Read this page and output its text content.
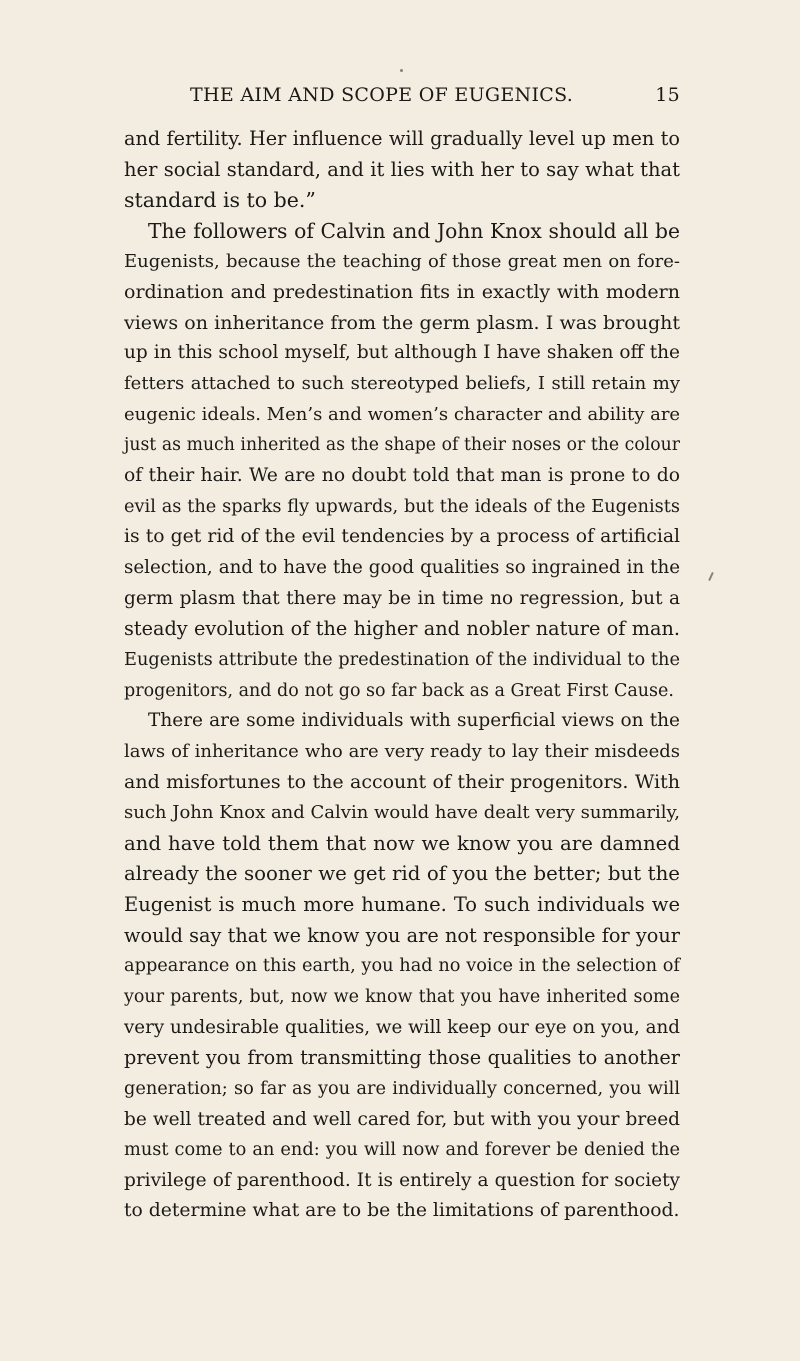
THE AIM AND SCOPE OF EUGENICS.	15
and fertility. Her influence will gradually level up men to
her social standard, and it lies with her to say what that
standard is to be.”
The followers of Calvin and John Knox should all be
Eugenists, because the teaching of those great men on fore-
ordination and predestination fits in exactly with modern
views on inheritance from the germ plasm. I was brought
up in this school myself, but although I have shaken off the
fetters attached to such stereotyped beliefs, I still retain my
eugenic ideals. Men’s and women’s character and ability are
just as much inherited as the shape of their noses or the colour
of their hair. We are no doubt told that man is prone to do
evil as the sparks fly upwards, but the ideals of the Eugenists
is to get rid of the evil tendencies by a process of artificial
selection, and to have the good qualities so ingrained in the
germ plasm that there may be in time no regression, but a
steady evolution of the higher and nobler nature of man.
Eugenists attribute the predestination of the individual to the
progenitors, and do not go so far back as a Great First Cause.
There are some individuals with superficial views on the
laws of inheritance who are very ready to lay their misdeeds
and misfortunes to the account of their progenitors. With
such John Knox and Calvin would have dealt very summarily,
and have told them that now we know you are damned
already the sooner we get rid of you the better; but the
Eugenist is much more humane. To such individuals we
would say that we know you are not responsible for your
appearance on this earth, you had no voice in the selection of
your parents, but, now we know that you have inherited some
very undesirable qualities, we will keep our eye on you, and
prevent you from transmitting those qualities to another
generation; so far as you are individually concerned, you will
be well treated and well cared for, but with you your breed
must come to an end: you will now and forever be denied the
privilege of parenthood. It is entirely a question for society
to determine what are to be the limitations of parenthood.
